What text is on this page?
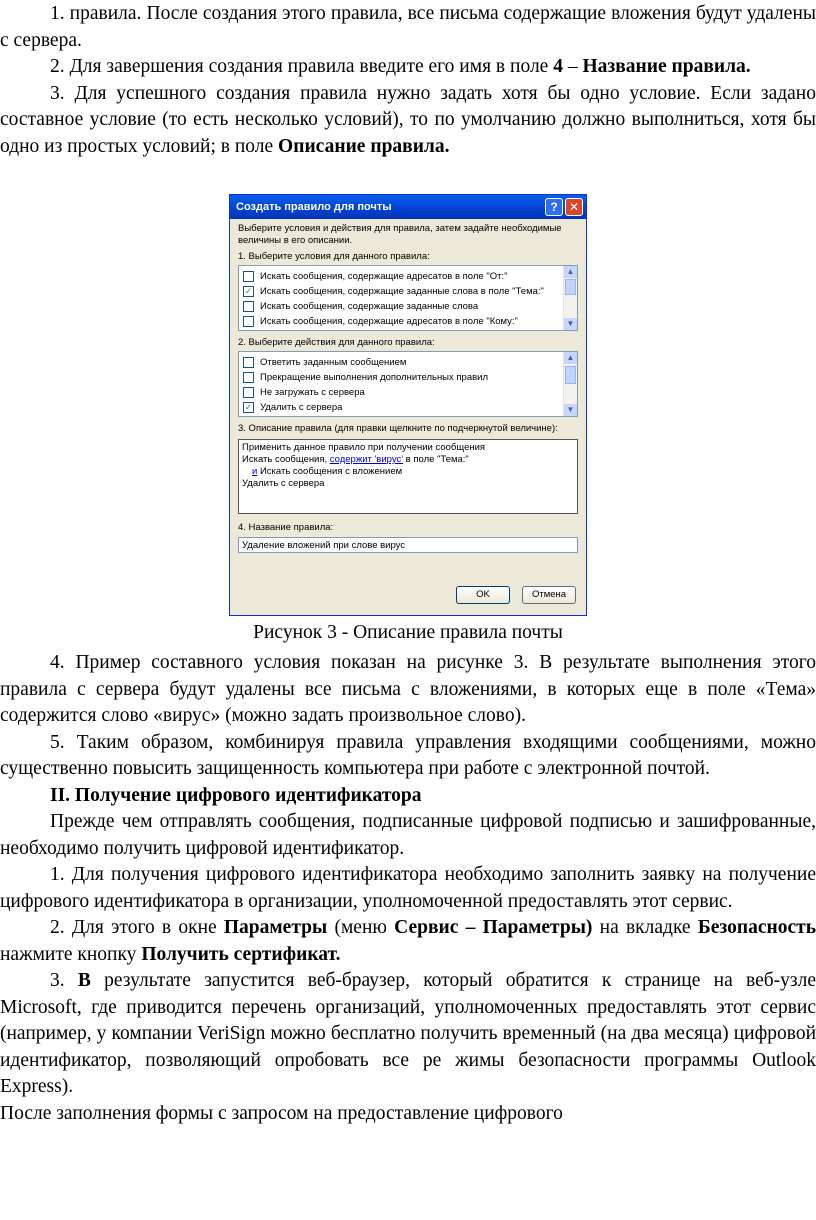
1. правила. После создания этого правила, все письма содержащие вложения будут удалены с сервера.

2. Для завершения создания правила введите его имя в поле 4 – Название правила.

3. Для успешного создания правила нужно задать хотя бы одно условие. Если задано составное условие (то есть несколько условий), то по умолчанию должно выполниться, хотя бы одно из простых условий; в поле Описание правила.

Создать правило для почты	? ✕

Выберите условия и действия для правила, затем задайте необходимые величины в его описании.

1. Выберите условия для данного правила:

Искать сообщения, содержащие адресатов в поле "От:"
✓ Искать сообщения, содержащие заданные слова в поле "Тема:"
Искать сообщения, содержащие заданные слова
Искать сообщения, содержащие адресатов в поле "Кому:"
▲
▼

2. Выберите действия для данного правила:

Ответить заданным сообщением
Прекращение выполнения дополнительных правил
Не загружать с сервера
✓ Удалить с сервера
▲
▼

3. Описание правила (для правки щелкните по подчеркнутой величине):

Применить данное правило при получении сообщения
Искать сообщения, содержит 'вирус' в поле "Тема:"
и Искать сообщения с вложением
Удалить с сервера

4. Название правила:

Удаление вложений при слове вирус
OK	Отмена
Рисунок 3 - Описание правила почты

4. Пример составного условия показан на рисунке 3. В результате выполнения этого правила с сервера будут удалены все письма с вложениями, в которых еще в поле «Тема» содержится слово «вирус» (можно задать произвольное слово).

5. Таким образом, комбинируя правила управления входящими сообщениями, можно существенно повысить защищенность компьютера при работе с электронной почтой.

II. Получение цифрового идентификатора

Прежде чем отправлять сообщения, подписанные цифровой подписью и зашифрованные, необходимо получить цифровой идентификатор.

1. Для получения цифрового идентификатора необходимо заполнить заявку на получение цифрового идентификатора в организации, уполномоченной предоставлять этот сервис.

2. Для этого в окне Параметры (меню Сервис – Параметры) на вкладке Безопасность нажмите кнопку Получить сертификат.

3. В результате запустится веб-браузер, который обратится к странице на веб-узле Microsoft, где приводится перечень организаций, уполномоченных предоставлять этот сервис (например, у компании VeriSign можно бесплатно получить временный (на два месяца) цифровой идентификатор, позволяющий опробовать все ре жимы безопасности программы Outlook Express).

После заполнения формы с запросом на предоставление цифрового
